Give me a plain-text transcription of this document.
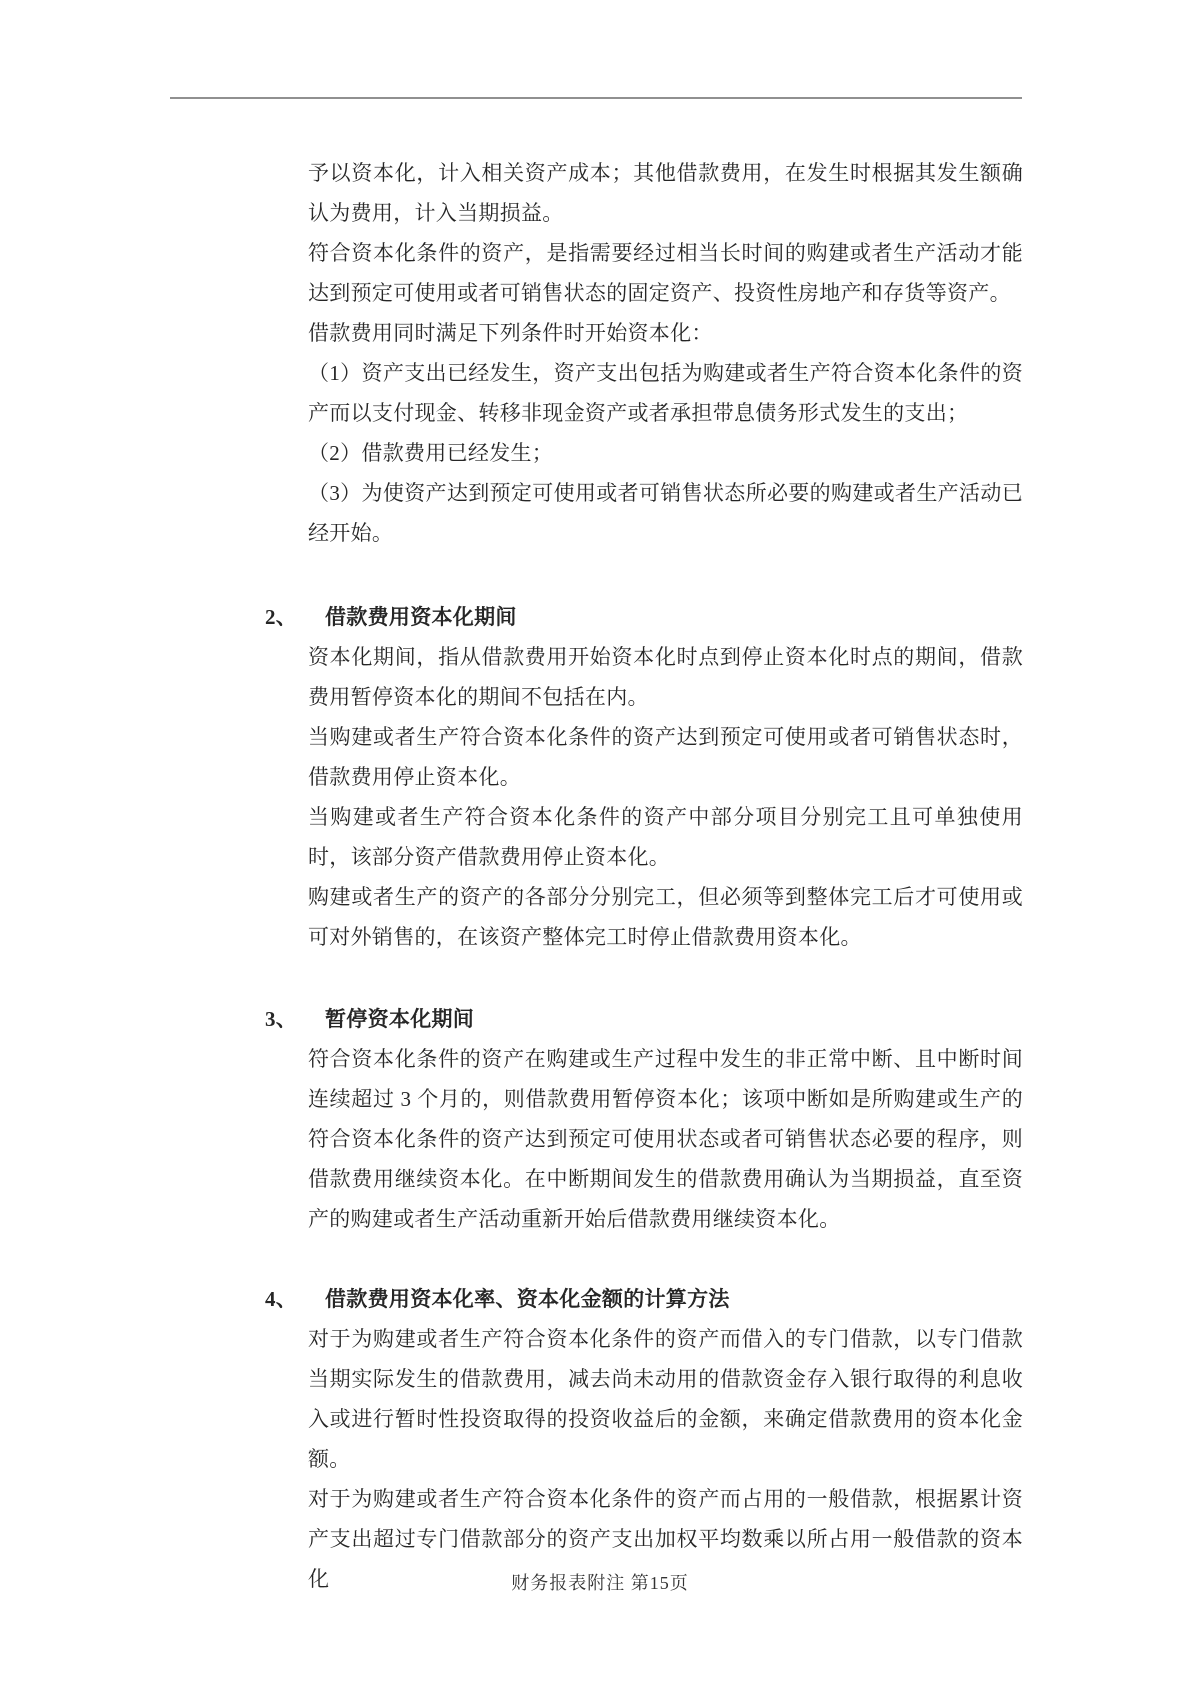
予以资本化，计入相关资产成本；其他借款费用，在发生时根据其发生额确认为费用，计入当期损益。

符合资本化条件的资产，是指需要经过相当长时间的购建或者生产活动才能达到预定可使用或者可销售状态的固定资产、投资性房地产和存货等资产。

借款费用同时满足下列条件时开始资本化：

（1）资产支出已经发生，资产支出包括为购建或者生产符合资本化条件的资产而以支付现金、转移非现金资产或者承担带息债务形式发生的支出；

（2）借款费用已经发生；

（3）为使资产达到预定可使用或者可销售状态所必要的购建或者生产活动已经开始。

2、	借款费用资本化期间

资本化期间，指从借款费用开始资本化时点到停止资本化时点的期间，借款费用暂停资本化的期间不包括在内。

当购建或者生产符合资本化条件的资产达到预定可使用或者可销售状态时，借款费用停止资本化。

当购建或者生产符合资本化条件的资产中部分项目分别完工且可单独使用时，该部分资产借款费用停止资本化。

购建或者生产的资产的各部分分别完工，但必须等到整体完工后才可使用或可对外销售的，在该资产整体完工时停止借款费用资本化。

3、	暂停资本化期间

符合资本化条件的资产在购建或生产过程中发生的非正常中断、且中断时间连续超过 3 个月的，则借款费用暂停资本化；该项中断如是所购建或生产的符合资本化条件的资产达到预定可使用状态或者可销售状态必要的程序，则借款费用继续资本化。在中断期间发生的借款费用确认为当期损益，直至资产的购建或者生产活动重新开始后借款费用继续资本化。

4、	借款费用资本化率、资本化金额的计算方法

对于为购建或者生产符合资本化条件的资产而借入的专门借款，以专门借款当期实际发生的借款费用，减去尚未动用的借款资金存入银行取得的利息收入或进行暂时性投资取得的投资收益后的金额，来确定借款费用的资本化金额。

对于为购建或者生产符合资本化条件的资产而占用的一般借款，根据累计资产支出超过专门借款部分的资产支出加权平均数乘以所占用一般借款的资本化	财务报表附注 第15页
